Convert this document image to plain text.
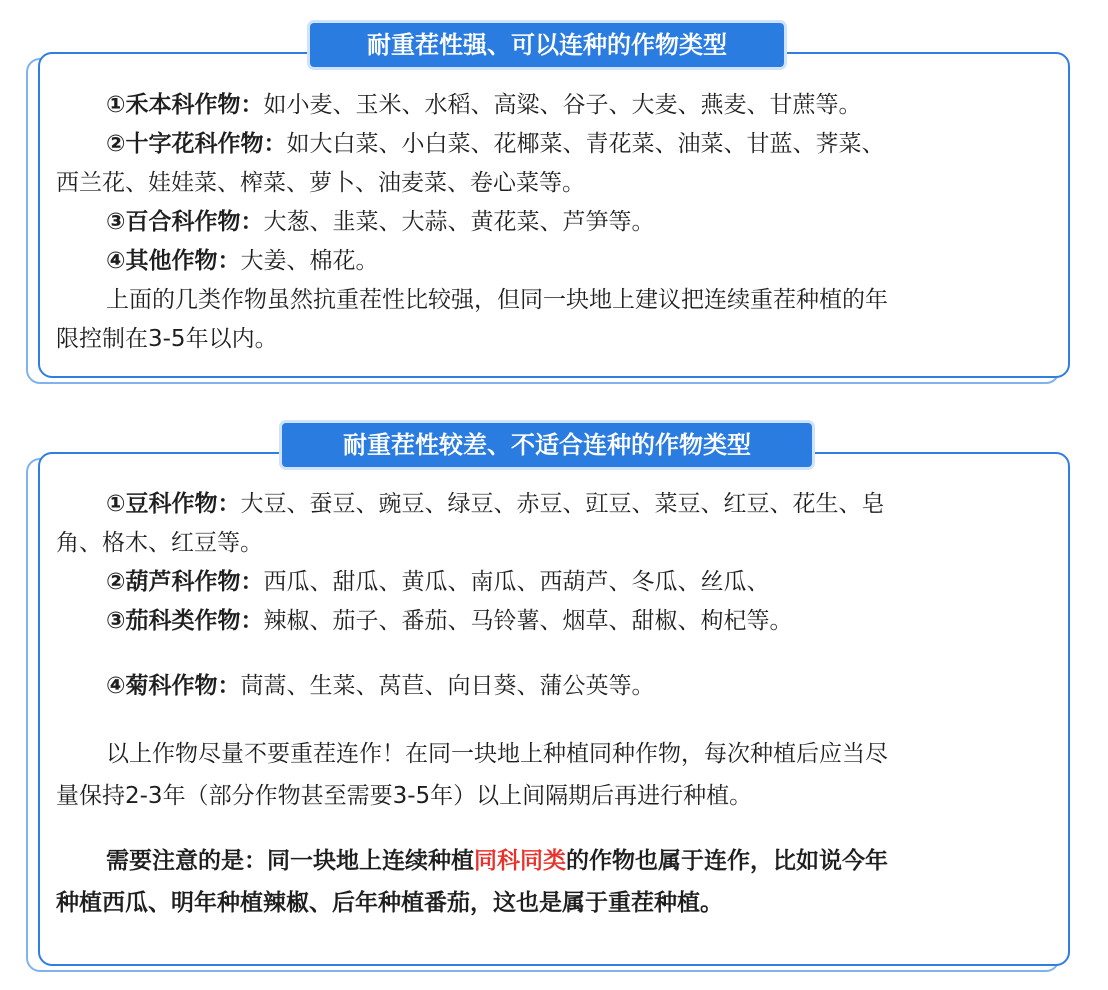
耐重茬性强、可以连种的作物类型
①禾本科作物：如小麦、玉米、水稻、高粱、谷子、大麦、燕麦、甘蔗等。
②十字花科作物：如大白菜、小白菜、花椰菜、青花菜、油菜、甘蓝、荠菜、
西兰花、娃娃菜、榨菜、萝卜、油麦菜、卷心菜等。
③百合科作物：大葱、韭菜、大蒜、黄花菜、芦笋等。
④其他作物：大姜、棉花。
上面的几类作物虽然抗重茬性比较强，但同一块地上建议把连续重茬种植的年
限控制在3-5年以内。
耐重茬性较差、不适合连种的作物类型
①豆科作物：大豆、蚕豆、豌豆、绿豆、赤豆、豇豆、菜豆、红豆、花生、皂
角、格木、红豆等。
②葫芦科作物：西瓜、甜瓜、黄瓜、南瓜、西葫芦、冬瓜、丝瓜、
③茄科类作物：辣椒、茄子、番茄、马铃薯、烟草、甜椒、枸杞等。
④菊科作物：茼蒿、生菜、莴苣、向日葵、蒲公英等。
以上作物尽量不要重茬连作！在同一块地上种植同种作物，每次种植后应当尽
量保持2-3年（部分作物甚至需要3-5年）以上间隔期后再进行种植。
需要注意的是：同一块地上连续种植同科同类的作物也属于连作，比如说今年
种植西瓜、明年种植辣椒、后年种植番茄，这也是属于重茬种植。
